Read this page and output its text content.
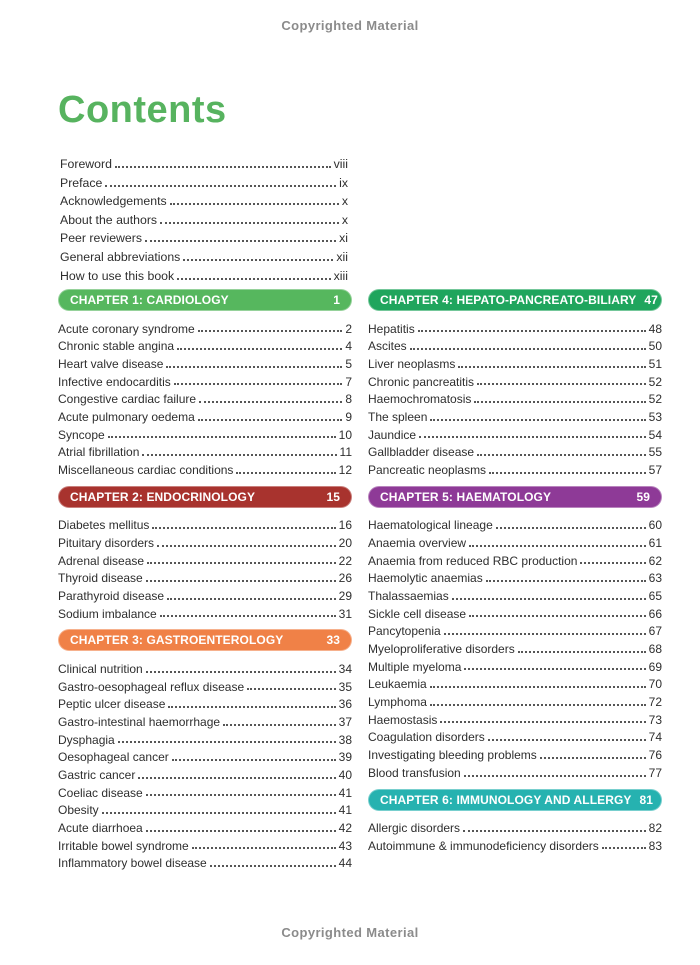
Copyrighted Material
Contents
Foreword	viii
Preface	ix
Acknowledgements	x
About the authors	x
Peer reviewers	xi
General abbreviations	xii
How to use this book	xiii
CHAPTER 1: CARDIOLOGY	1
Acute coronary syndrome	2
Chronic stable angina	4
Heart valve disease	5
Infective endocarditis	7
Congestive cardiac failure	8
Acute pulmonary oedema	9
Syncope	10
Atrial fibrillation	11
Miscellaneous cardiac conditions	12
CHAPTER 2: ENDOCRINOLOGY	15
Diabetes mellitus	16
Pituitary disorders	20
Adrenal disease	22
Thyroid disease	26
Parathyroid disease	29
Sodium imbalance	31
CHAPTER 3: GASTROENTEROLOGY	33
Clinical nutrition	34
Gastro-oesophageal reflux disease	35
Peptic ulcer disease	36
Gastro-intestinal haemorrhage	37
Dysphagia	38
Oesophageal cancer	39
Gastric cancer	40
Coeliac disease	41
Obesity	41
Acute diarrhoea	42
Irritable bowel syndrome	43
Inflammatory bowel disease	44
CHAPTER 4: HEPATO-PANCREATO-BILIARY 47
Hepatitis	48
Ascites	50
Liver neoplasms	51
Chronic pancreatitis	52
Haemochromatosis	52
The spleen	53
Jaundice	54
Gallbladder disease	55
Pancreatic neoplasms	57
CHAPTER 5: HAEMATOLOGY	59
Haematological lineage	60
Anaemia overview	61
Anaemia from reduced RBC production	62
Haemolytic anaemias	63
Thalassaemias	65
Sickle cell disease	66
Pancytopenia	67
Myeloproliferative disorders	68
Multiple myeloma	69
Leukaemia	70
Lymphoma	72
Haemostasis	73
Coagulation disorders	74
Investigating bleeding problems	76
Blood transfusion	77
CHAPTER 6: IMMUNOLOGY AND ALLERGY 81
Allergic disorders	82
Autoimmune & immunodeficiency disorders	83
Copyrighted Material
